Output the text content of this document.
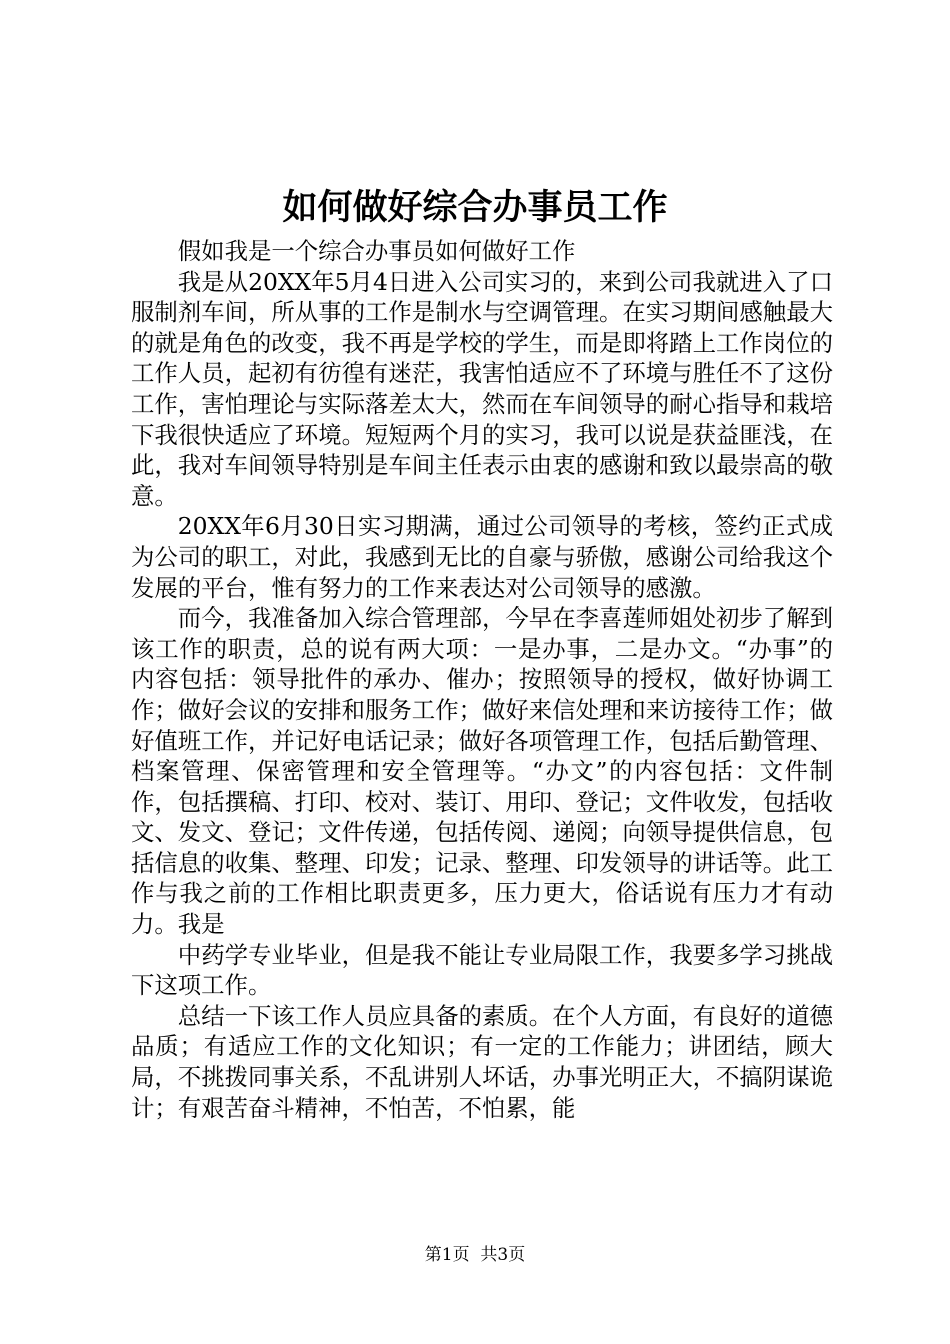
如何做好综合办事员工作

假如我是一个综合办事员如何做好工作

我是从20XX年5月4日进入公司实习的，来到公司我就进入了口服制剂车间，所从事的工作是制水与空调管理。在实习期间感触最大的就是角色的改变，我不再是学校的学生，而是即将踏上工作岗位的工作人员，起初有彷徨有迷茫，我害怕适应不了环境与胜任不了这份工作，害怕理论与实际落差太大，然而在车间领导的耐心指导和栽培下我很快适应了环境。短短两个月的实习，我可以说是获益匪浅，在此，我对车间领导特别是车间主任表示由衷的感谢和致以最崇高的敬意。

20XX年6月30日实习期满，通过公司领导的考核，签约正式成为公司的职工，对此，我感到无比的自豪与骄傲，感谢公司给我这个发展的平台，惟有努力的工作来表达对公司领导的感激。

而今，我准备加入综合管理部，今早在李喜莲师姐处初步了解到该工作的职责，总的说有两大项：一是办事，二是办文。“办事”的内容包括：领导批件的承办、催办；按照领导的授权，做好协调工作；做好会议的安排和服务工作；做好来信处理和来访接待工作；做好值班工作，并记好电话记录；做好各项管理工作，包括后勤管理、档案管理、保密管理和安全管理等。“办文”的内容包括：文件制作，包括撰稿、打印、校对、装订、用印、登记；文件收发，包括收文、发文、登记；文件传递，包括传阅、递阅；向领导提供信息，包括信息的收集、整理、印发；记录、整理、印发领导的讲话等。此工作与我之前的工作相比职责更多，压力更大，俗话说有压力才有动力。我是

中药学专业毕业，但是我不能让专业局限工作，我要多学习挑战下这项工作。

总结一下该工作人员应具备的素质。在个人方面，有良好的道德品质；有适应工作的文化知识；有一定的工作能力；讲团结，顾大局，不挑拨同事关系，不乱讲别人坏话，办事光明正大，不搞阴谋诡计；有艰苦奋斗精神，不怕苦，不怕累，能

第1页 共3页
